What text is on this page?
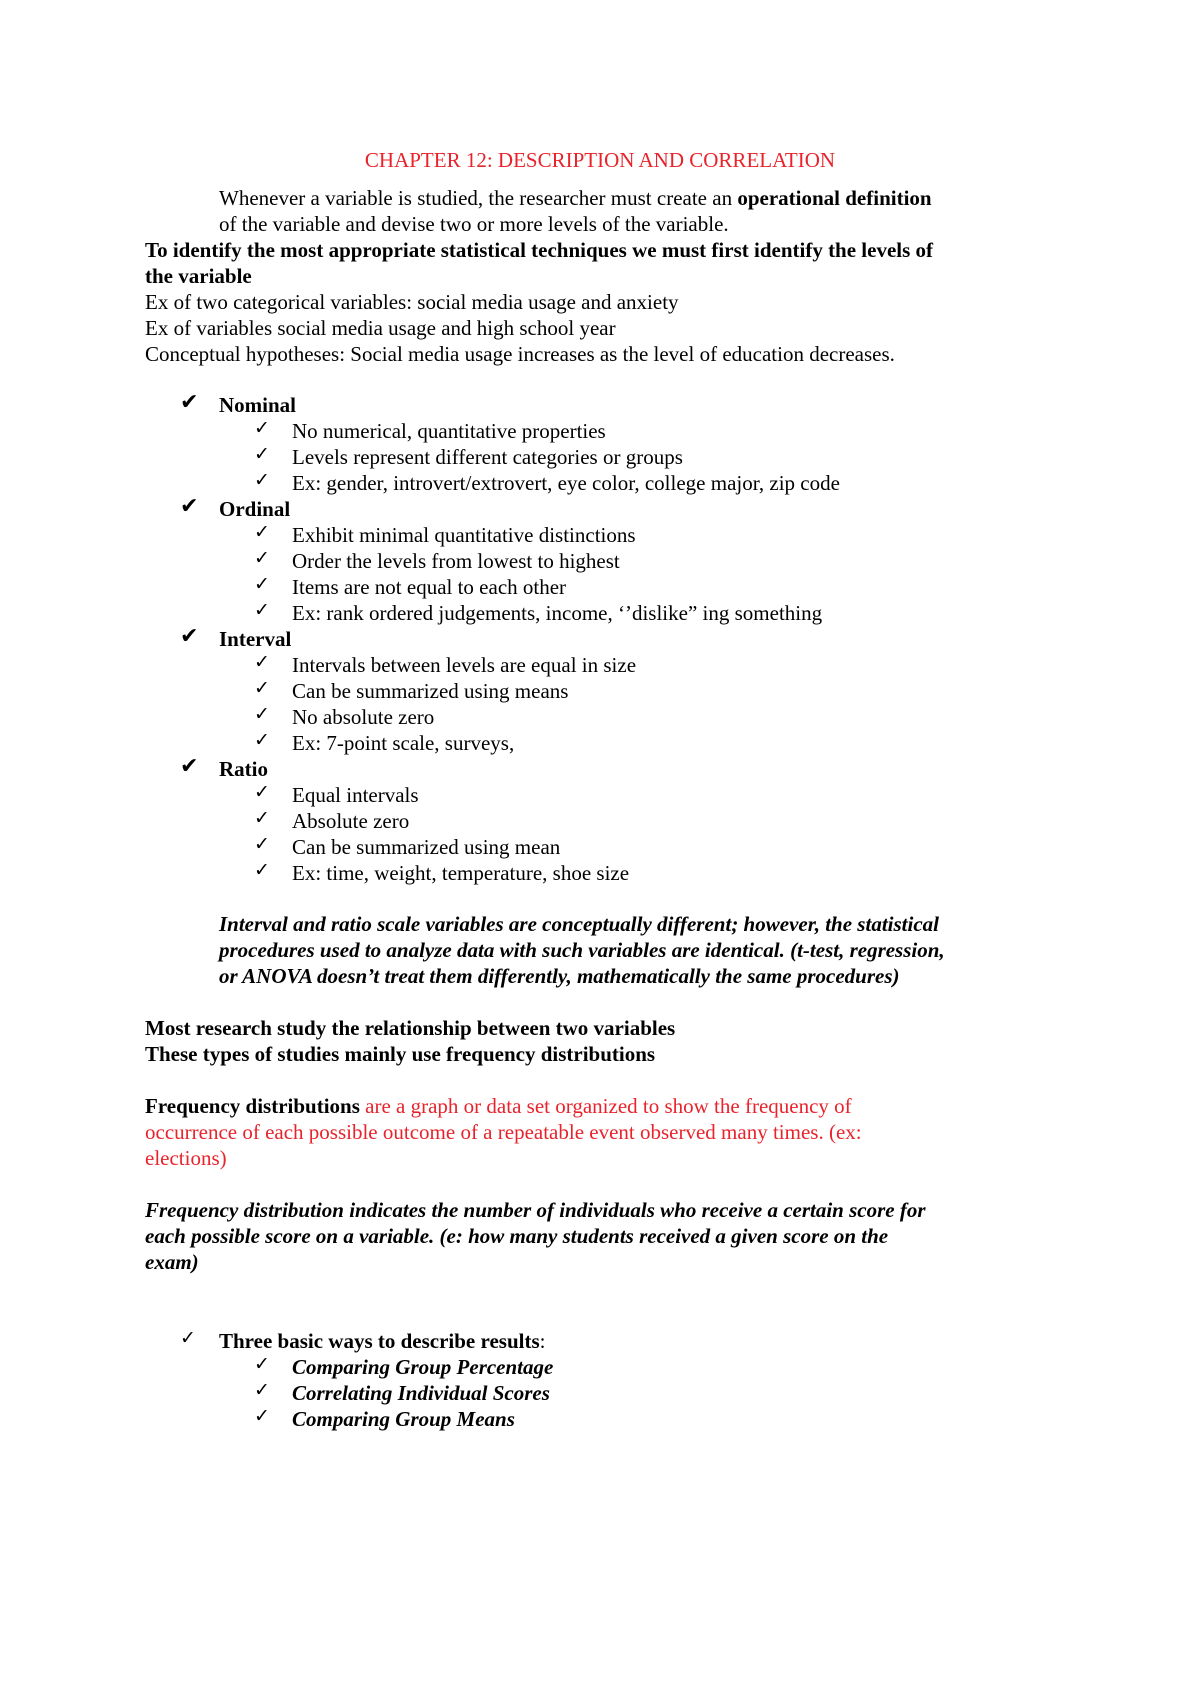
CHAPTER 12: DESCRIPTION AND CORRELATION
Whenever a variable is studied, the researcher must create an operational definition
of the variable and devise two or more levels of the variable.
To identify the most appropriate statistical techniques we must first identify the levels of
the variable
Ex of two categorical variables: social media usage and anxiety
Ex of variables social media usage and high school year
Conceptual hypotheses: Social media usage increases as the level of education decreases.
✔ Nominal
✓ No numerical, quantitative properties
✓ Levels represent different categories or groups
✓ Ex: gender, introvert/extrovert, eye color, college major, zip code
✔ Ordinal
✓ Exhibit minimal quantitative distinctions
✓ Order the levels from lowest to highest
✓ Items are not equal to each other
✓ Ex: rank ordered judgements, income, ‘’dislike” ing something
✔ Interval
✓ Intervals between levels are equal in size
✓ Can be summarized using means
✓ No absolute zero
✓ Ex: 7-point scale, surveys,
✔ Ratio
✓ Equal intervals
✓ Absolute zero
✓ Can be summarized using mean
✓ Ex: time, weight, temperature, shoe size
Interval and ratio scale variables are conceptually different; however, the statistical
procedures used to analyze data with such variables are identical. (t-test, regression,
or ANOVA doesn’t treat them differently, mathematically the same procedures)
Most research study the relationship between two variables
These types of studies mainly use frequency distributions
Frequency distributions are a graph or data set organized to show the frequency of
occurrence of each possible outcome of a repeatable event observed many times. (ex:
elections)
Frequency distribution indicates the number of individuals who receive a certain score for
each possible score on a variable. (e: how many students received a given score on the
exam)
✓ Three basic ways to describe results:
✓ Comparing Group Percentage
✓ Correlating Individual Scores
✓ Comparing Group Means
